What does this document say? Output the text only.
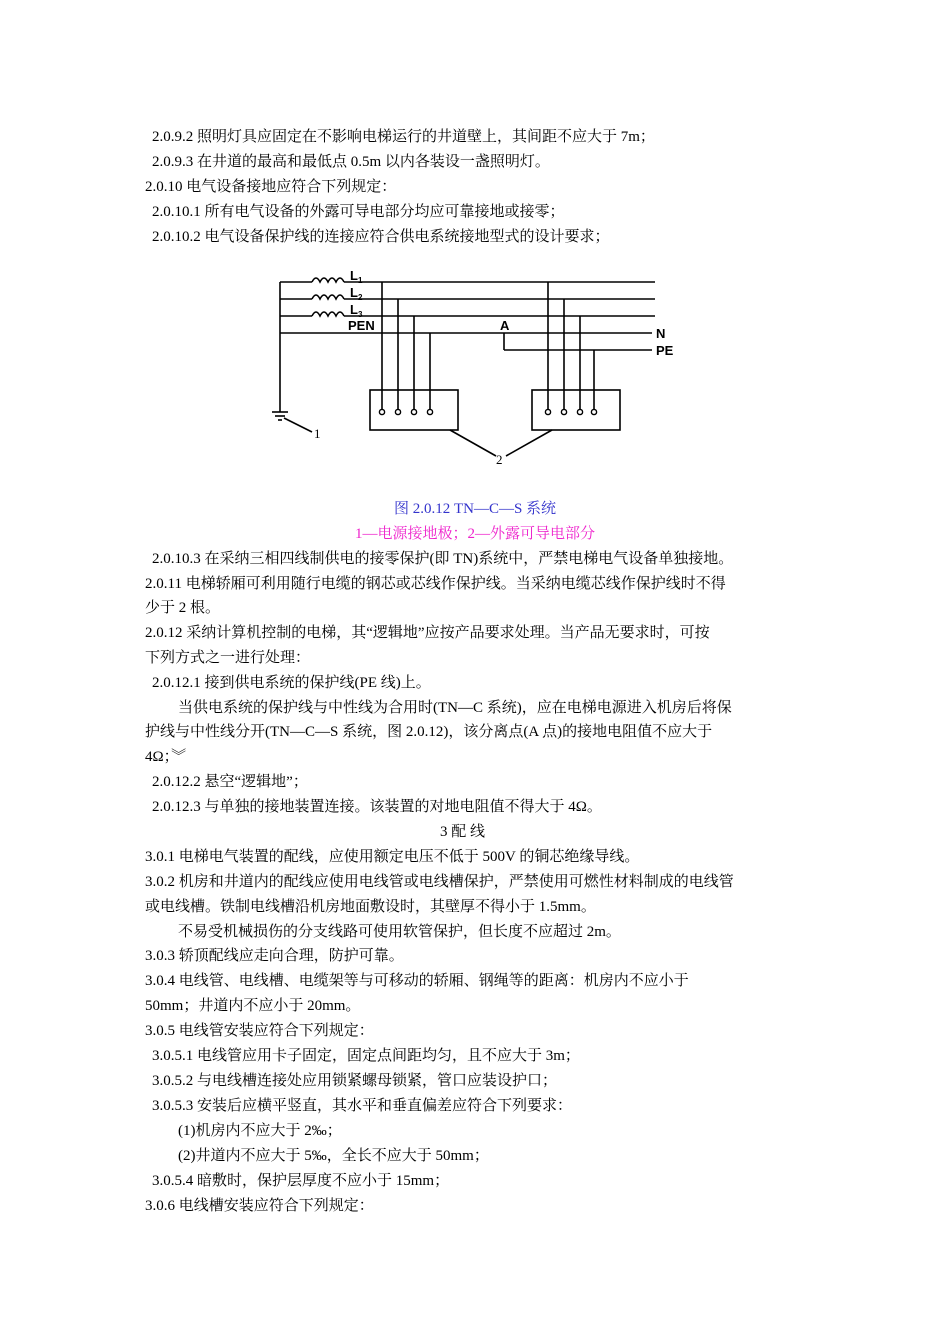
2.0.9.2 照明灯具应固定在不影响电梯运行的井道壁上，其间距不应大于 7m；
2.0.9.3 在井道的最高和最低点 0.5m 以内各装设一盏照明灯。
2.0.10 电气设备接地应符合下列规定：
2.0.10.1 所有电气设备的外露可导电部分均应可靠接地或接零；
2.0.10.2 电气设备保护线的连接应符合供电系统接地型式的设计要求；
$L_1$
$L_2$
$L_3$
PEN	A
N
PE
1
2
图 2.0.12 TN—C—S 系统
1—电源接地极；2—外露可导电部分
2.0.10.3 在采纳三相四线制供电的接零保护(即 TN)系统中，严禁电梯电气设备单独接地。
2.0.11 电梯轿厢可利用随行电缆的钢芯或芯线作保护线。当采纳电缆芯线作保护线时不得
少于 2 根。
2.0.12 采纳计算机控制的电梯，其“逻辑地”应按产品要求处理。当产品无要求时，可按
下列方式之一进行处理：
2.0.12.1 接到供电系统的保护线(PE 线)上。
当供电系统的保护线与中性线为合用时(TN—C 系统)，应在电梯电源进入机房后将保
护线与中性线分开(TN—C—S 系统，图 2.0.12)，该分离点(A 点)的接地电阻值不应大于
4Ω；︾
2.0.12.2 悬空“逻辑地”；
2.0.12.3 与单独的接地装置连接。该装置的对地电阻值不得大于 4Ω。
3 配 线
3.0.1 电梯电气装置的配线，应使用额定电压不低于 500V 的铜芯绝缘导线。
3.0.2 机房和井道内的配线应使用电线管或电线槽保护，严禁使用可燃性材料制成的电线管
或电线槽。铁制电线槽沿机房地面敷设时，其壁厚不得小于 1.5mm。
不易受机械损伤的分支线路可使用软管保护，但长度不应超过 2m。
3.0.3 轿顶配线应走向合理，防护可靠。
3.0.4 电线管、电线槽、电缆架等与可移动的轿厢、钢绳等的距离：机房内不应小于
50mm；井道内不应小于 20mm。
3.0.5 电线管安装应符合下列规定：
3.0.5.1 电线管应用卡子固定，固定点间距均匀，且不应大于 3m；
3.0.5.2 与电线槽连接处应用锁紧螺母锁紧，管口应装设护口；
3.0.5.3 安装后应横平竖直，其水平和垂直偏差应符合下列要求：
(1)机房内不应大于 2‰；
(2)井道内不应大于 5‰，全长不应大于 50mm；
3.0.5.4 暗敷时，保护层厚度不应小于 15mm；
3.0.6 电线槽安装应符合下列规定：
